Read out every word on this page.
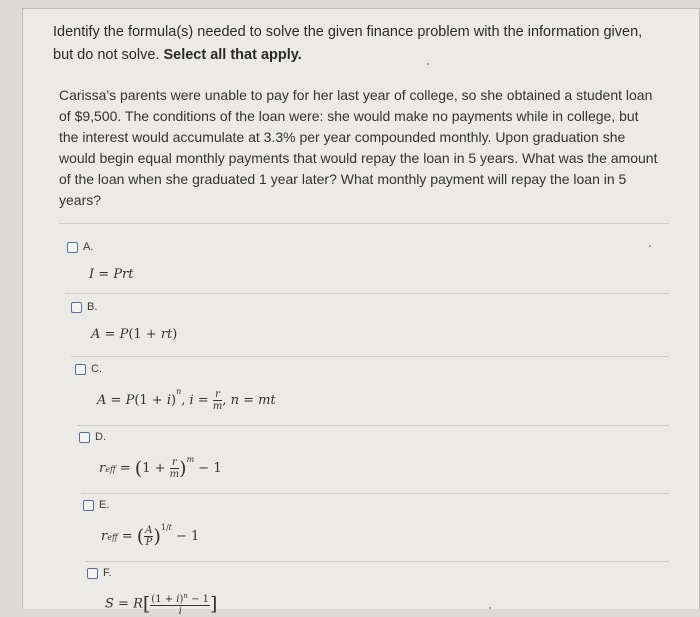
Identify the formula(s) needed to solve the given finance problem with the information given, but do not solve. Select all that apply.
Carissa's parents were unable to pay for her last year of college, so she obtained a student loan of $9,500. The conditions of the loan were: she would make no payments while in college, but the interest would accumulate at 3.3% per year compounded monthly. Upon graduation she would begin equal monthly payments that would repay the loan in 5 years. What was the amount of the loan when she graduated 1 year later? What monthly payment will repay the loan in 5 years?
A.
I = Prt
B.
A = P(1 + rt)
C.
$A = P(1 + i)^n$, $i = \frac{r}{m}$ , n = mt
D.
reff = $(1 + \frac{r}{m} )^m - 1$
E.
reff = ( $\frac{A}{P} )^{1/t} - 1$
F.
$S = R[ \frac{(1 + i)^n - 1}{i}$ ]
